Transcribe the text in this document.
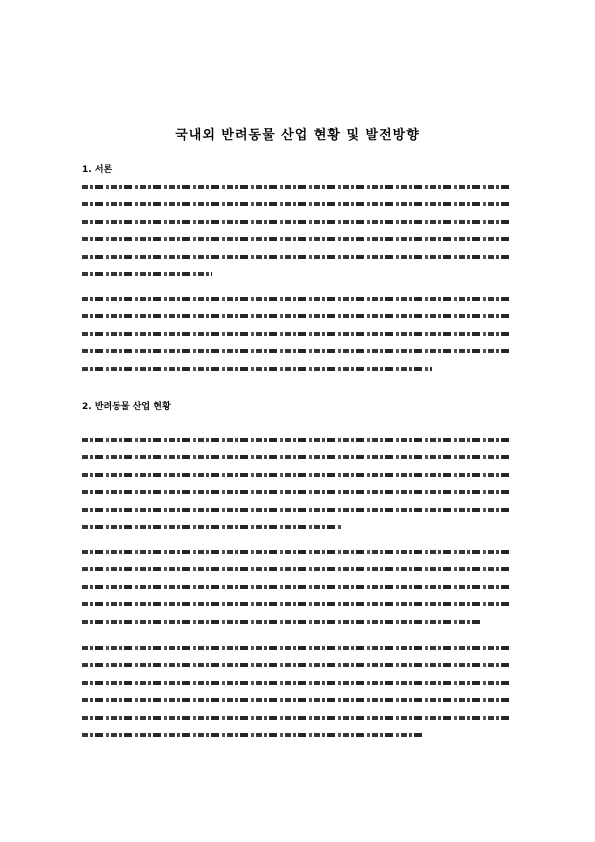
국내외 반려동물 산업 현황 및 발전방향
1. 서론
2. 반려동물 산업 현황
